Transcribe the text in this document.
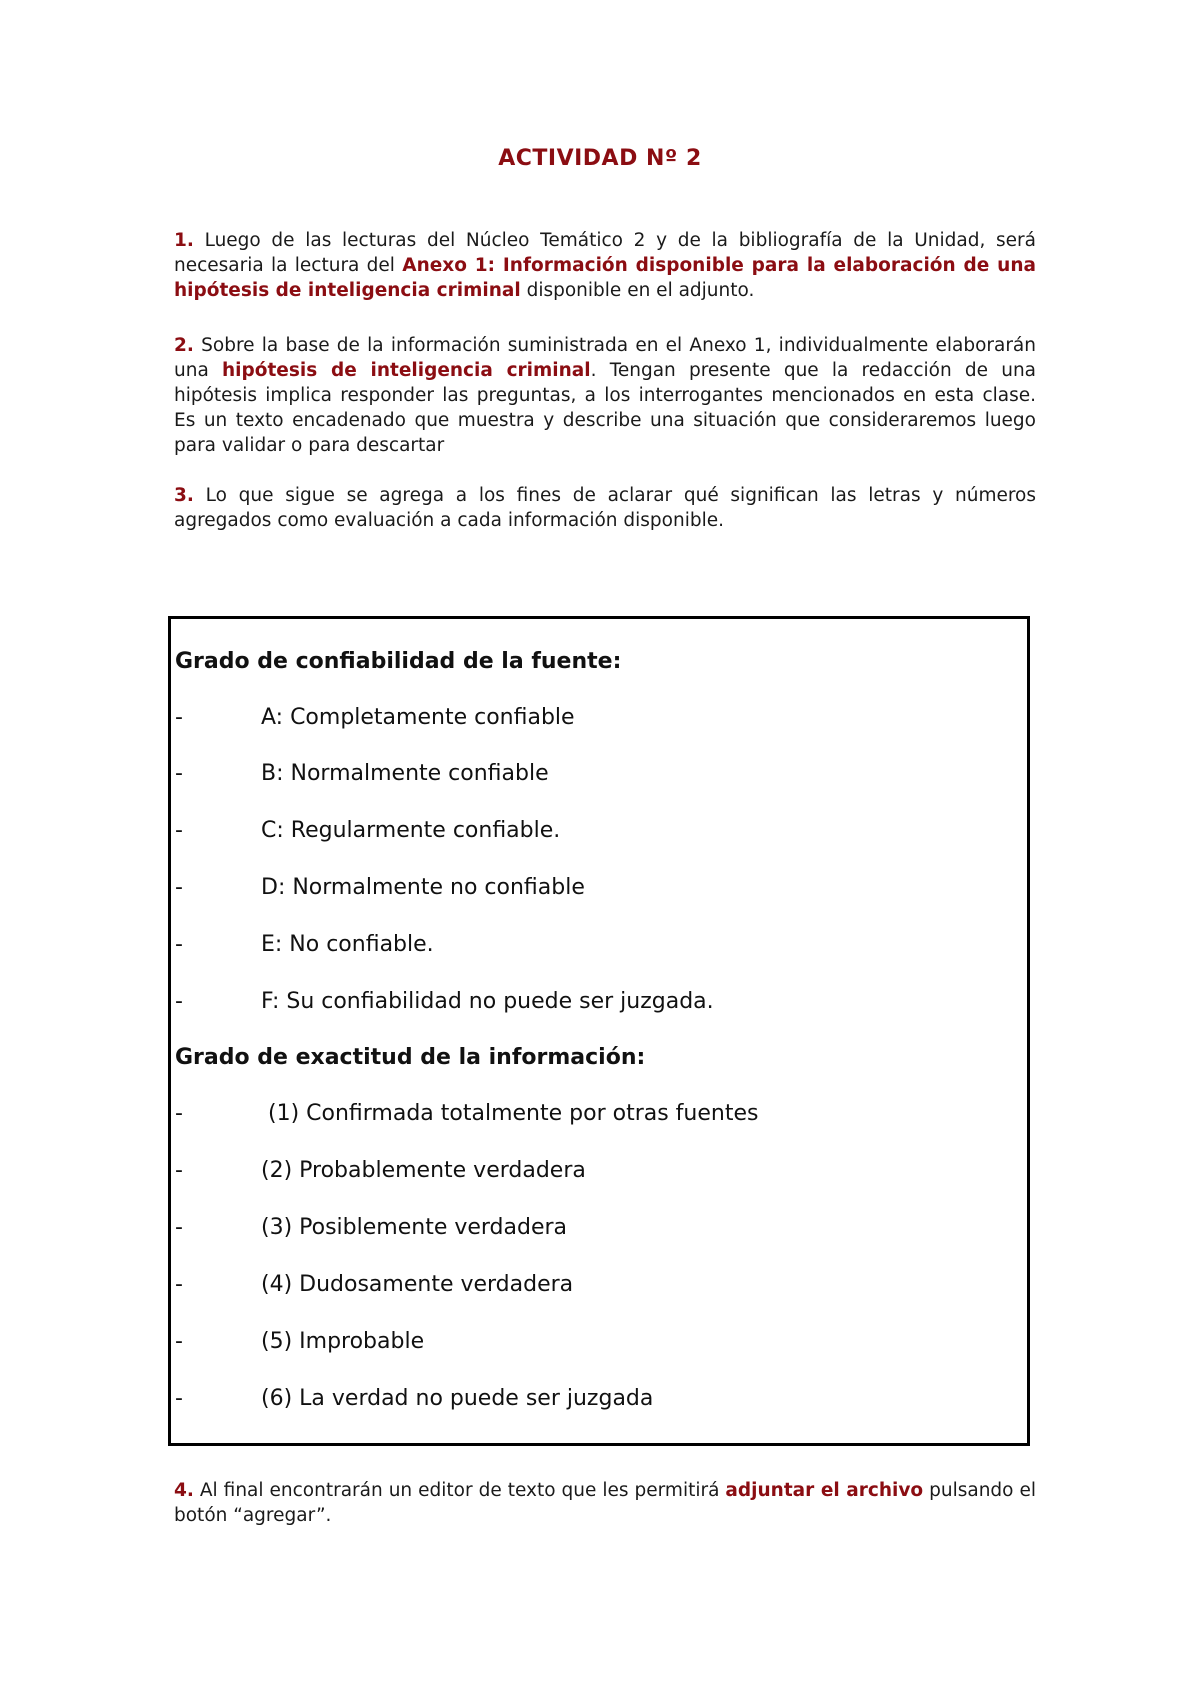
ACTIVIDAD Nº 2
1. Luego de las lecturas del Núcleo Temático 2 y de la bibliografía de la Unidad, será necesaria la lectura del Anexo 1: Información disponible para la elaboración de una hipótesis de inteligencia criminal disponible en el adjunto.
2. Sobre la base de la información suministrada en el Anexo 1, individualmente elaborarán una hipótesis de inteligencia criminal. Tengan presente que la redacción de una hipótesis implica responder las preguntas, a los interrogantes mencionados en esta clase. Es un texto encadenado que muestra y describe una situación que consideraremos luego para validar o para descartar
3. Lo que sigue se agrega a los fines de aclarar qué significan las letras y números agregados como evaluación a cada información disponible.
Grado de confiabilidad de la fuente:
-	A: Completamente confiable
-	B: Normalmente confiable
-	C: Regularmente confiable.
-	D: Normalmente no confiable
-	E: No confiable.
-	F: Su confiabilidad no puede ser juzgada.
Grado de exactitud de la información:
-	(1) Confirmada totalmente por otras fuentes
-	(2) Probablemente verdadera
-	(3) Posiblemente verdadera
-	(4) Dudosamente verdadera
-	(5) Improbable
-	(6) La verdad no puede ser juzgada
4. Al final encontrarán un editor de texto que les permitirá adjuntar el archivo pulsando el botón “agregar”.
